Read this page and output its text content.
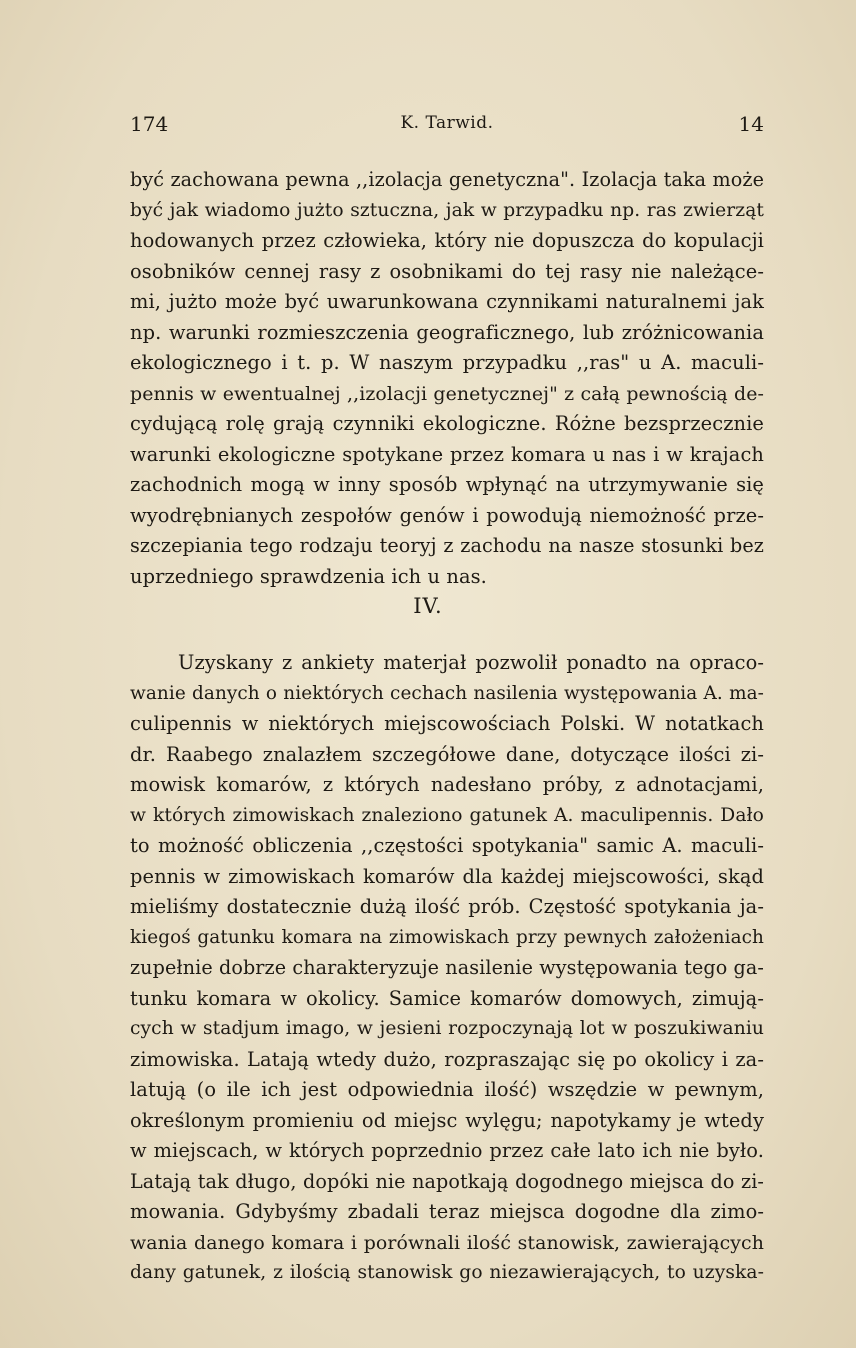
174	K. Tarwid.	14
być zachowana pewna ,,izolacja genetyczna". Izolacja taka może
być jak wiadomo jużto sztuczna, jak w przypadku np. ras zwierząt
hodowanych przez człowieka, który nie dopuszcza do kopulacji
osobników cennej rasy z osobnikami do tej rasy nie należące-
mi, jużto może być uwarunkowana czynnikami naturalnemi jak
np. warunki rozmieszczenia geograficznego, lub zróżnicowania
ekologicznego i t. p. W naszym przypadku ,,ras" u A. maculi-
pennis w ewentualnej ,,izolacji genetycznej" z całą pewnością de-
cydującą rolę grają czynniki ekologiczne. Różne bezsprzecznie
warunki ekologiczne spotykane przez komara u nas i w krajach
zachodnich mogą w inny sposób wpłynąć na utrzymywanie się
wyodrębnianych zespołów genów i powodują niemożność prze-
szczepiania tego rodzaju teoryj z zachodu na nasze stosunki bez
uprzedniego sprawdzenia ich u nas.
IV.
Uzyskany z ankiety materjał pozwolił ponadto na opraco-
wanie danych o niektórych cechach nasilenia występowania A. ma-
culipennis w niektórych miejscowościach Polski. W notatkach
dr. Raabego znalazłem szczegółowe dane, dotyczące ilości zi-
mowisk komarów, z których nadesłano próby, z adnotacjami,
w których zimowiskach znaleziono gatunek A. maculipennis. Dało
to możność obliczenia ,,częstości spotykania" samic A. maculi-
pennis w zimowiskach komarów dla każdej miejscowości, skąd
mieliśmy dostatecznie dużą ilość prób. Częstość spotykania ja-
kiegoś gatunku komara na zimowiskach przy pewnych założeniach
zupełnie dobrze charakteryzuje nasilenie występowania tego ga-
tunku komara w okolicy. Samice komarów domowych, zimują-
cych w stadjum imago, w jesieni rozpoczynają lot w poszukiwaniu
zimowiska. Latają wtedy dużo, rozpraszając się po okolicy i za-
latują (o ile ich jest odpowiednia ilość) wszędzie w pewnym,
określonym promieniu od miejsc wylęgu; napotykamy je wtedy
w miejscach, w których poprzednio przez całe lato ich nie było.
Latają tak długo, dopóki nie napotkają dogodnego miejsca do zi-
mowania. Gdybyśmy zbadali teraz miejsca dogodne dla zimo-
wania danego komara i porównali ilość stanowisk, zawierających
dany gatunek, z ilością stanowisk go niezawierających, to uzyska-
